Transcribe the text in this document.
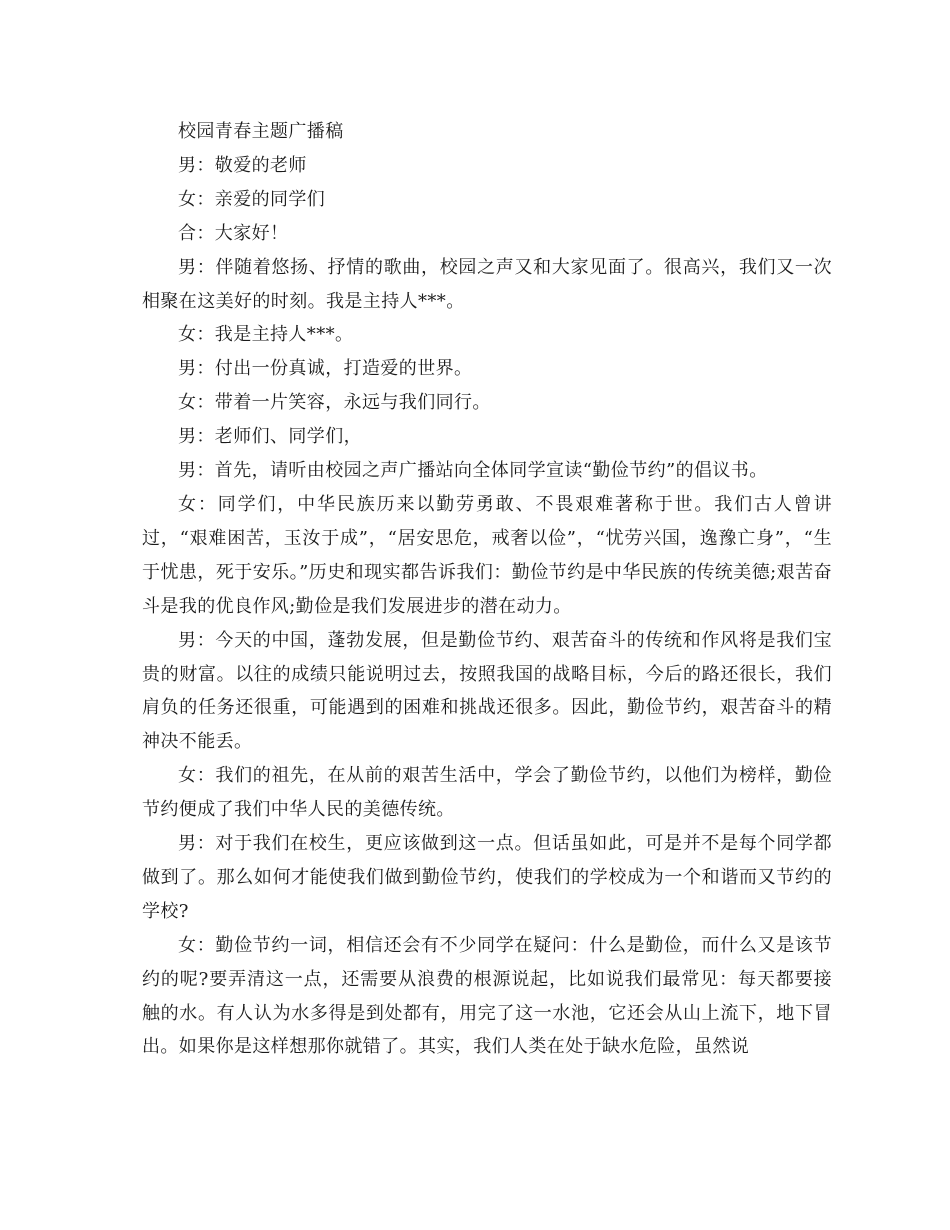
校园青春主题广播稿

男：敬爱的老师

女：亲爱的同学们

合：大家好！

男：伴随着悠扬、抒情的歌曲，校园之声又和大家见面了。很高兴，我们又一次相聚在这美好的时刻。我是主持人***。

女：我是主持人***。

男：付出一份真诚，打造爱的世界。

女：带着一片笑容，永远与我们同行。

男：老师们、同学们，

男：首先，请听由校园之声广播站向全体同学宣读“勤俭节约”的倡议书。

女：同学们，中华民族历来以勤劳勇敢、不畏艰难著称于世。我们古人曾讲过，“艰难困苦，玉汝于成”，“居安思危，戒奢以俭”，“忧劳兴国，逸豫亡身”，“生于忧患，死于安乐。”历史和现实都告诉我们：勤俭节约是中华民族的传统美德;艰苦奋斗是我的优良作风;勤俭是我们发展进步的潜在动力。

男：今天的中国，蓬勃发展，但是勤俭节约、艰苦奋斗的传统和作风将是我们宝贵的财富。以往的成绩只能说明过去，按照我国的战略目标，今后的路还很长，我们肩负的任务还很重，可能遇到的困难和挑战还很多。因此，勤俭节约，艰苦奋斗的精神决不能丢。

女：我们的祖先，在从前的艰苦生活中，学会了勤俭节约，以他们为榜样，勤俭节约便成了我们中华人民的美德传统。

男：对于我们在校生，更应该做到这一点。但话虽如此，可是并不是每个同学都做到了。那么如何才能使我们做到勤俭节约，使我们的学校成为一个和谐而又节约的学校?

女：勤俭节约一词，相信还会有不少同学在疑问：什么是勤俭，而什么又是该节约的呢?要弄清这一点，还需要从浪费的根源说起，比如说我们最常见：每天都要接触的水。有人认为水多得是到处都有，用完了这一水池，它还会从山上流下，地下冒出。如果你是这样想那你就错了。其实，我们人类在处于缺水危险，虽然说
